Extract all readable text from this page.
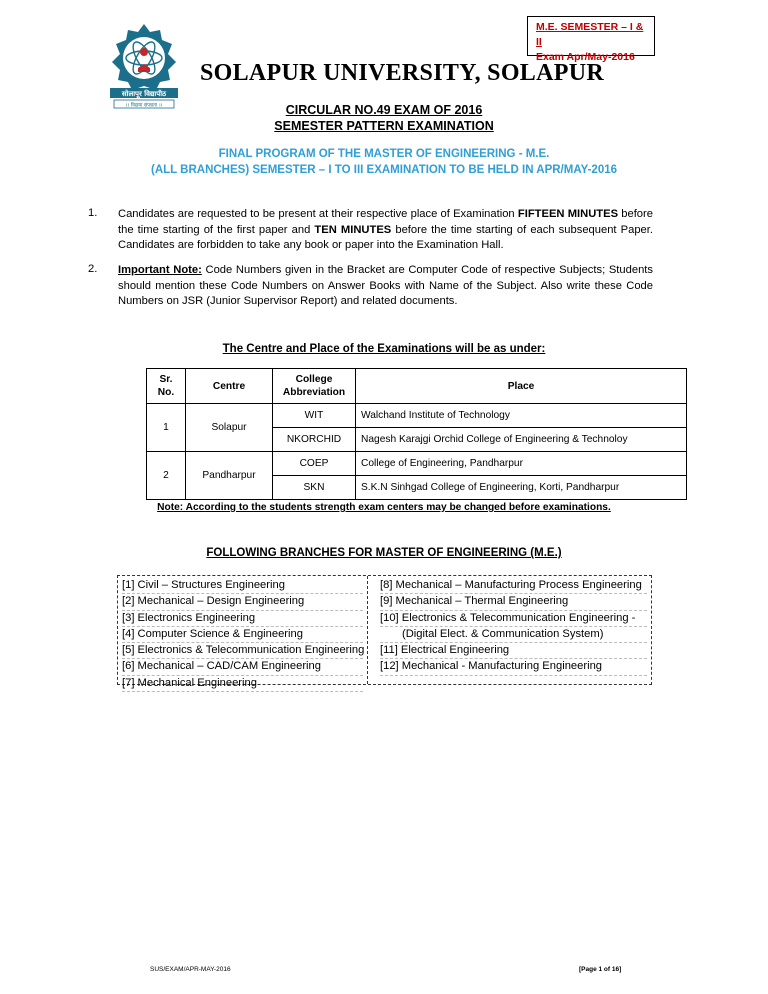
M.E. SEMESTER – I & II
Exam Apr/May-2016
सोलापूर विद्यापीठ
।। विद्यया संपन्नता ।।
SOLAPUR UNIVERSITY, SOLAPUR
CIRCULAR NO.49 EXAM OF 2016
SEMESTER PATTERN EXAMINATION
FINAL PROGRAM OF THE MASTER OF ENGINEERING - M.E.
(ALL BRANCHES) SEMESTER – I TO III EXAMINATION TO BE HELD IN APR/MAY-2016
1. Candidates are requested to be present at their respective place of Examination FIFTEEN MINUTES before the time starting of the first paper and TEN MINUTES before the time starting of each subsequent Paper. Candidates are forbidden to take any book or paper into the Examination Hall.
2. Important Note: Code Numbers given in the Bracket are Computer Code of respective Subjects; Students should mention these Code Numbers on Answer Books with Name of the Subject. Also write these Code Numbers on JSR (Junior Supervisor Report) and related documents.
The Centre and Place of the Examinations will be as under:
Sr. No.	Centre	College Abbreviation	Place
1	Solapur	WIT	Walchand Institute of Technology
		NKORCHID	Nagesh Karajgi Orchid College of Engineering & Technoloy
2	Pandharpur	COEP	College of Engineering, Pandharpur
		SKN	S.K.N Sinhgad College of Engineering, Korti, Pandharpur
Note: According to the students strength exam centers may be changed before examinations.
FOLLOWING BRANCHES FOR MASTER OF ENGINEERING (M.E.)
[1] Civil – Structures Engineering
[2] Mechanical – Design Engineering
[3] Electronics Engineering
[4] Computer Science & Engineering
[5] Electronics & Telecommunication Engineering
[6] Mechanical – CAD/CAM Engineering
[7] Mechanical Engineering
[8] Mechanical – Manufacturing Process Engineering
[9] Mechanical – Thermal Engineering
[10] Electronics & Telecommunication Engineering -
(Digital Elect. & Communication System)
[11] Electrical Engineering
[12] Mechanical - Manufacturing Engineering
SUS/EXAM/APR-MAY-2016	[Page 1 of 16]
